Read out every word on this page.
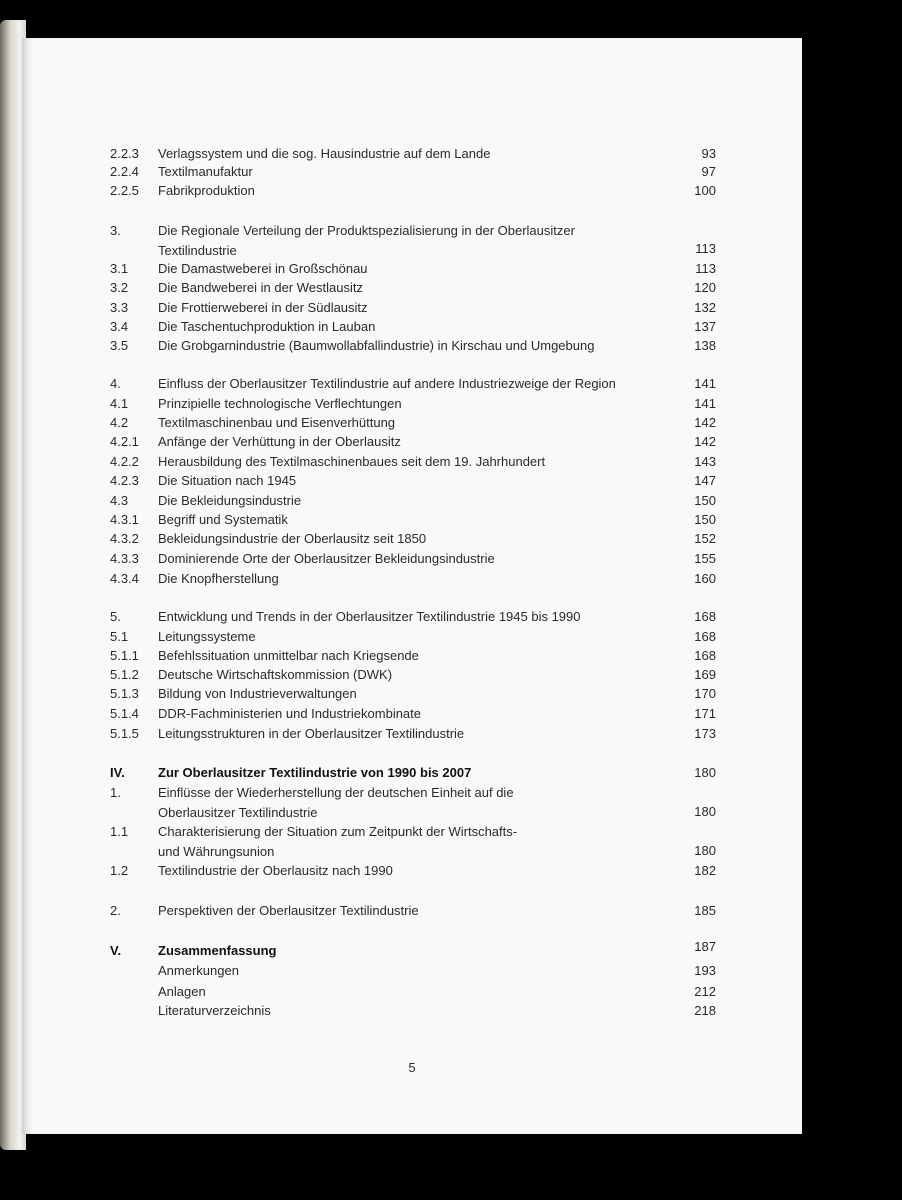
2.2.3 Verlagssystem und die sog. Hausindustrie auf dem Lande	93
2.2.4 Textilmanufaktur	97
2.2.5 Fabrikproduktion	100
3.	Die Regionale Verteilung der Produktspezialisierung in der Oberlausitzer
Textilindustrie	113
3.1 Die Damastweberei in Großschönau	113
3.2 Die Bandweberei in der Westlausitz	120
3.3 Die Frottierweberei in der Südlausitz	132
3.4 Die Taschentuchproduktion in Lauban	137
3.5 Die Grobgarnindustrie (Baumwollabfallindustrie) in Kirschau und Umgebung	138
4.	Einfluss der Oberlausitzer Textilindustrie auf andere Industriezweige der Region	141
4.1 Prinzipielle technologische Verflechtungen	141
4.2 Textilmaschinenbau und Eisenverhüttung	142
4.2.1 Anfänge der Verhüttung in der Oberlausitz	142
4.2.2 Herausbildung des Textilmaschinenbaues seit dem 19. Jahrhundert	143
4.2.3 Die Situation nach 1945	147
4.3 Die Bekleidungsindustrie	150
4.3.1 Begriff und Systematik	150
4.3.2 Bekleidungsindustrie der Oberlausitz seit 1850	152
4.3.3 Dominierende Orte der Oberlausitzer Bekleidungsindustrie	155
4.3.4 Die Knopfherstellung	160
5.	Entwicklung und Trends in der Oberlausitzer Textilindustrie 1945 bis 1990	168
5.1 Leitungssysteme	168
5.1.1 Befehlssituation unmittelbar nach Kriegsende	168
5.1.2 Deutsche Wirtschaftskommission (DWK)	169
5.1.3 Bildung von Industrieverwaltungen	170
5.1.4 DDR-Fachministerien und Industriekombinate	171
5.1.5 Leitungsstrukturen in der Oberlausitzer Textilindustrie	173
IV.	Zur Oberlausitzer Textilindustrie von 1990 bis 2007	180
1.	Einflüsse der Wiederherstellung der deutschen Einheit auf die
Oberlausitzer Textilindustrie	180
1.1 Charakterisierung der Situation zum Zeitpunkt der Wirtschafts-
und Währungsunion	180
1.2 Textilindustrie der Oberlausitz nach 1990	182
2.	Perspektiven der Oberlausitzer Textilindustrie	185
V.	Zusammenfassung	187
Anmerkungen	193
Anlagen	212
Literaturverzeichnis	218
5
